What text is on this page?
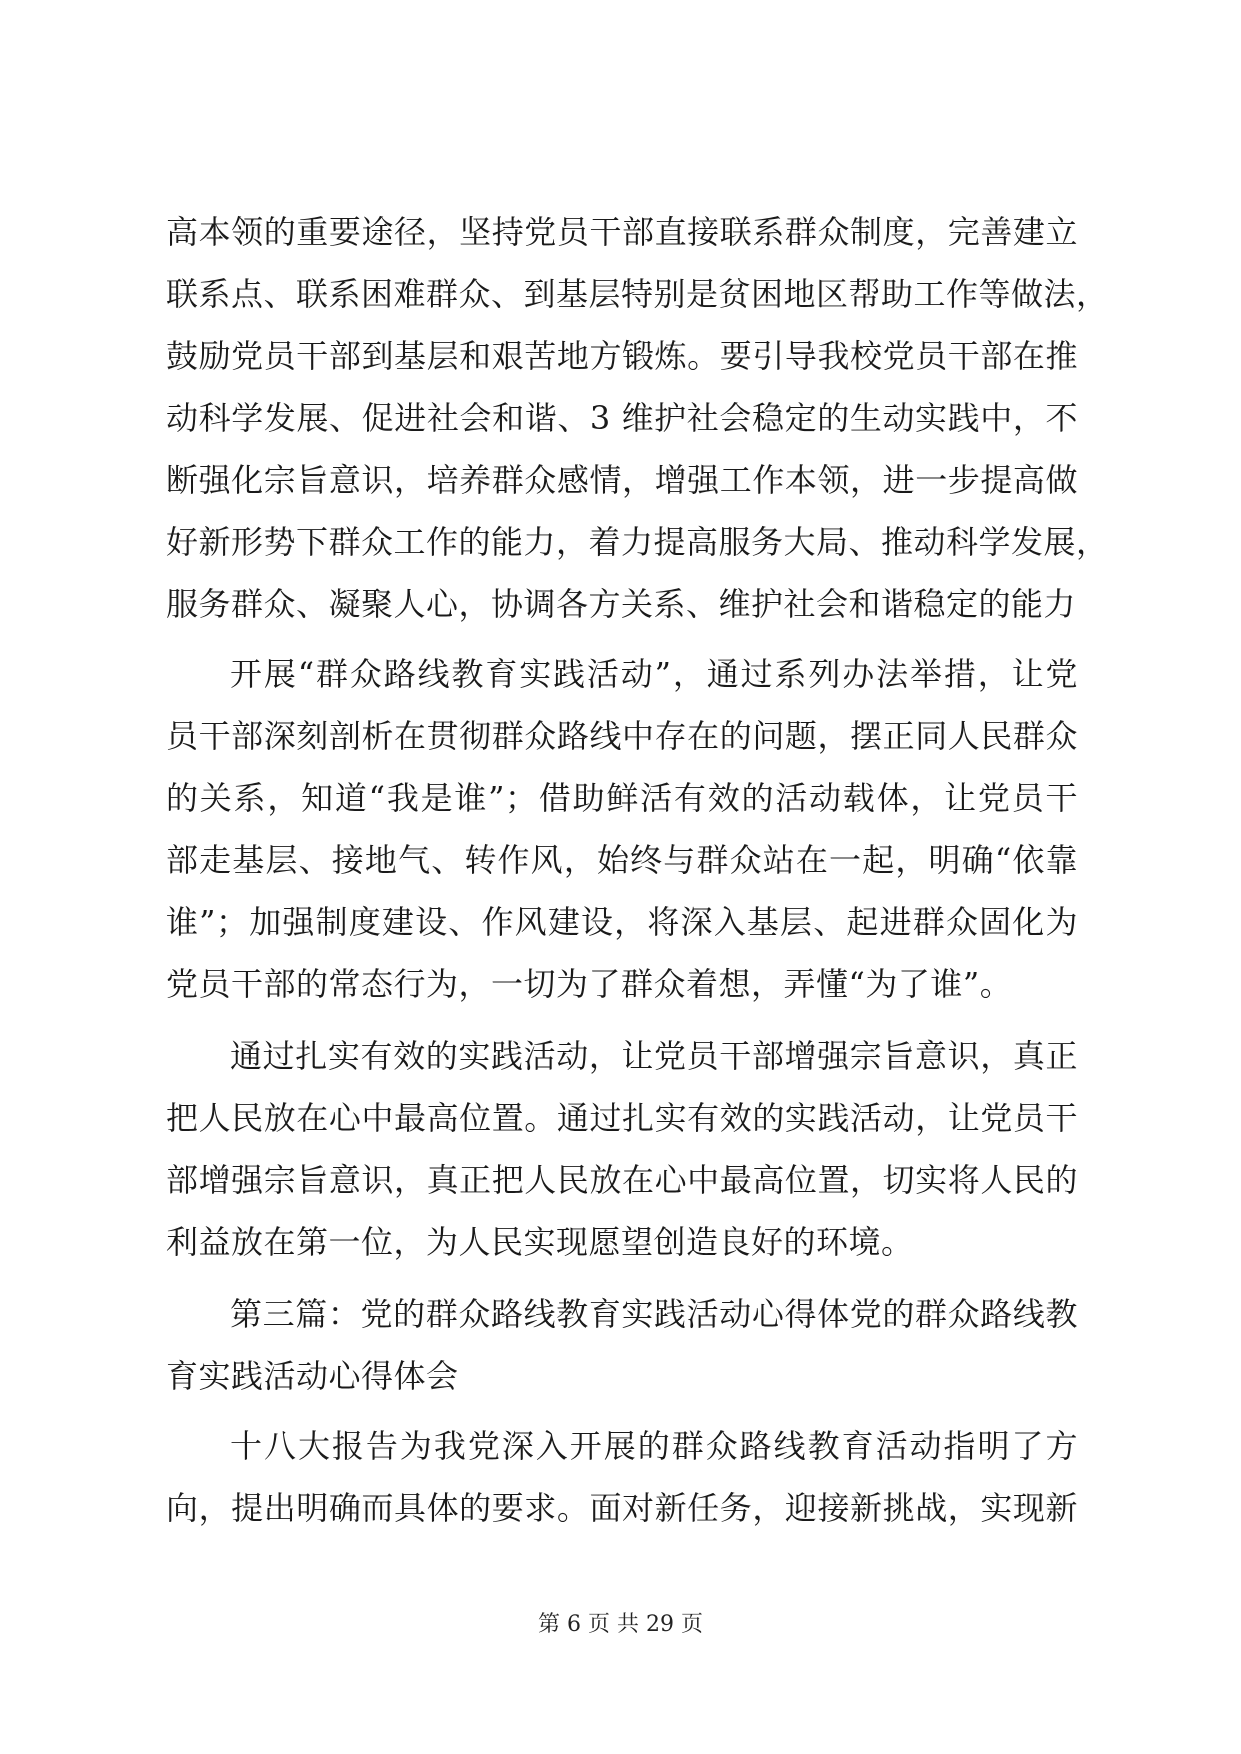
高本领的重要途径，坚持党员干部直接联系群众制度，完善建立
联系点、联系困难群众、到基层特别是贫困地区帮助工作等做法，
鼓励党员干部到基层和艰苦地方锻炼。要引导我校党员干部在推
动科学发展、促进社会和谐、3 维护社会稳定的生动实践中，不
断强化宗旨意识，培养群众感情，增强工作本领，进一步提高做
好新形势下群众工作的能力，着力提高服务大局、推动科学发展，
服务群众、凝聚人心，协调各方关系、维护社会和谐稳定的能力
开展“群众路线教育实践活动”，通过系列办法举措，让党
员干部深刻剖析在贯彻群众路线中存在的问题，摆正同人民群众
的关系，知道“我是谁”；借助鲜活有效的活动载体，让党员干
部走基层、接地气、转作风，始终与群众站在一起，明确“依靠
谁”；加强制度建设、作风建设，将深入基层、起进群众固化为
党员干部的常态行为，一切为了群众着想，弄懂“为了谁”。
通过扎实有效的实践活动，让党员干部增强宗旨意识，真正
把人民放在心中最高位置。通过扎实有效的实践活动，让党员干
部增强宗旨意识，真正把人民放在心中最高位置，切实将人民的
利益放在第一位，为人民实现愿望创造良好的环境。
第三篇：党的群众路线教育实践活动心得体党的群众路线教
育实践活动心得体会
十八大报告为我党深入开展的群众路线教育活动指明了方
向，提出明确而具体的要求。面对新任务，迎接新挑战，实现新
第 6 页 共 29 页
